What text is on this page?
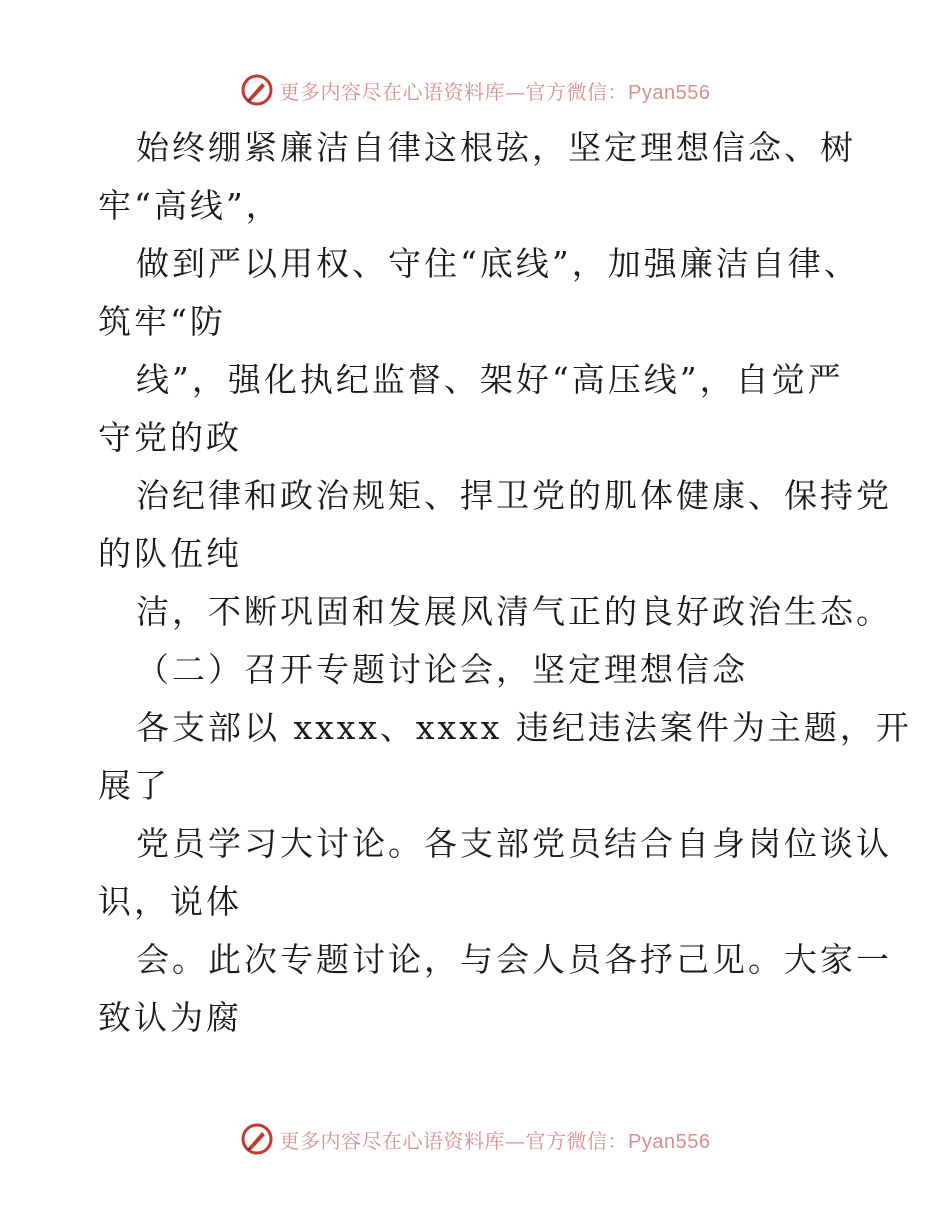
更多内容尽在心语资料库—官方微信：Pyan556
始终绷紧廉洁自律这根弦，坚定理想信念、树
牢“高线”，
做到严以用权、守住“底线”，加强廉洁自律、
筑牢“防
线”，强化执纪监督、架好“高压线”，自觉严
守党的政
治纪律和政治规矩、捍卫党的肌体健康、保持党
的队伍纯
洁，不断巩固和发展风清气正的良好政治生态。
（二）召开专题讨论会，坚定理想信念
各支部以 xxxx、xxxx 违纪违法案件为主题，开
展了
党员学习大讨论。各支部党员结合自身岗位谈认
识，说体
会。此次专题讨论，与会人员各抒己见。大家一
致认为腐
更多内容尽在心语资料库—官方微信：Pyan556
